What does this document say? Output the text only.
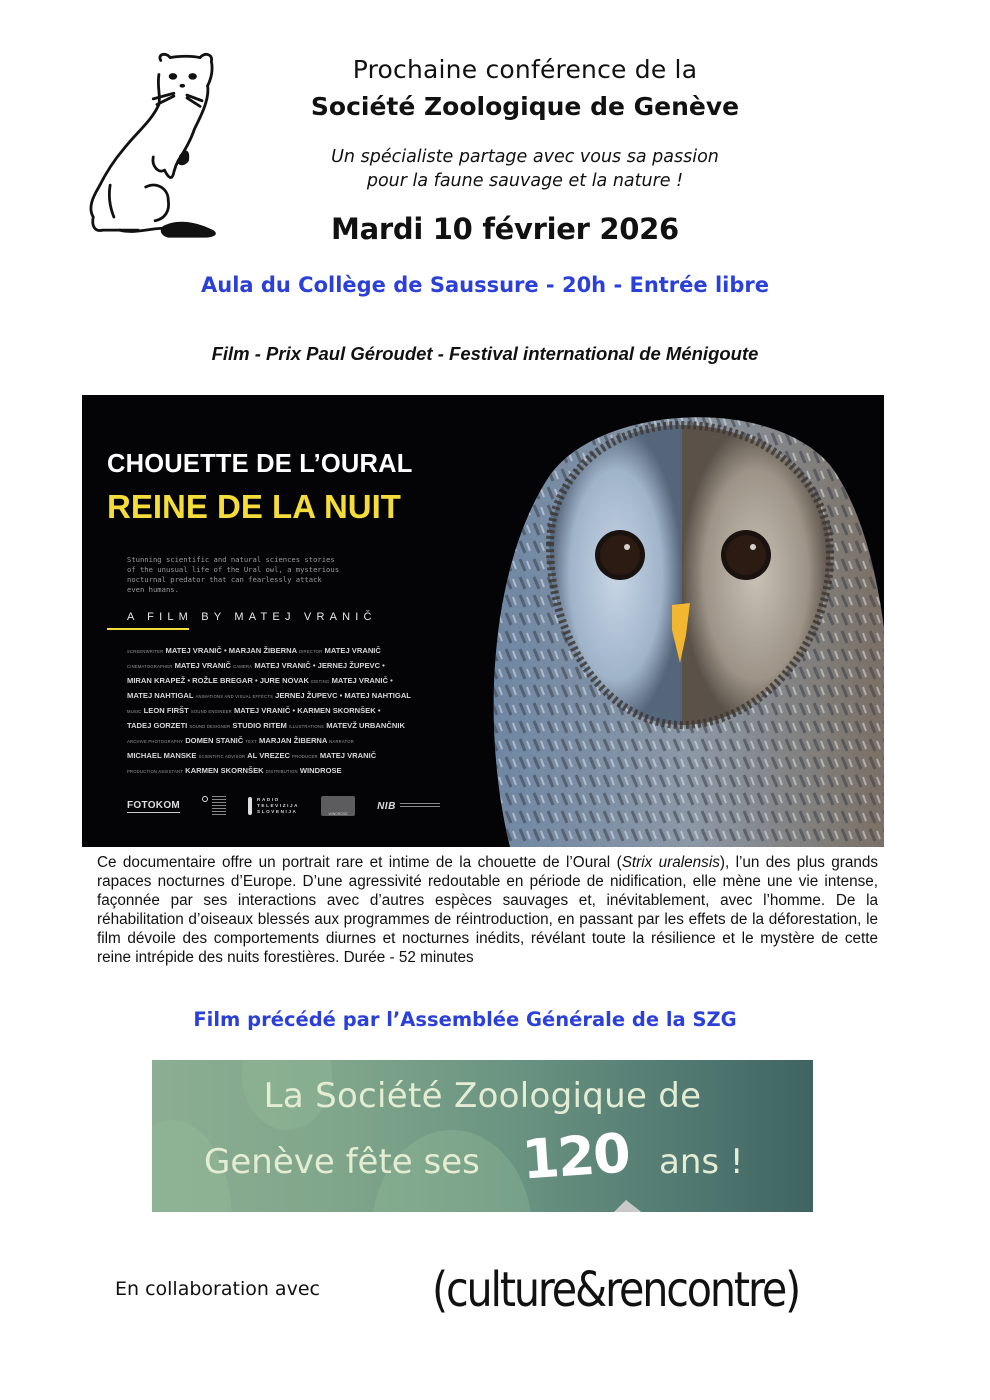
Prochaine conférence de la
Société Zoologique de Genève
Un spécialiste partage avec vous sa passion
pour la faune sauvage et la nature !
Mardi 10 février 2026
Aula du Collège de Saussure - 20h - Entrée libre
Film - Prix Paul Géroudet - Festival international de Ménigoute
CHOUETTE DE L’OURAL
REINE DE LA NUIT
Stunning scientific and natural sciences stories
of the unusual life of the Ural owl, a mysterious
nocturnal predator that can fearlessly attack
even humans.
A FILM BY MATEJ VRANIČ
SCREENWRITER MATEJ VRANIČ • MARJAN ŽIBERNA DIRECTOR MATEJ VRANIČ
CINEMATOGRAPHER MATEJ VRANIČ CAMERA MATEJ VRANIČ • JERNEJ ŽUPEVC •
MIRAN KRAPEŽ • ROŽLE BREGAR • JURE NOVAK EDITING MATEJ VRANIČ •
MATEJ NAHTIGAL ANIMATIONS AND VISUAL EFFECTS JERNEJ ŽUPEVC • MATEJ NAHTIGAL
MUSIC LEON FIRŠT SOUND ENGINEER MATEJ VRANIČ • KARMEN SKORNŠEK •
TADEJ GORZETI SOUND DESIGNER STUDIO RITEM ILLUSTRATIONS MATEVŽ URBANČNIK
ARCHIVE PHOTOGRAPHY DOMEN STANIČ TEXT MARJAN ŽIBERNA NARRATOR
MICHAEL MANSKE SCIENTIFIC ADVISOR AL VREZEC PRODUCER MATEJ VRANIČ
PRODUCTION ASSISTANT KARMEN SKORNŠEK DISTRIBUTION WINDROSE
FOTOKOM	RADIO
TELEVIZIJA
SLOVENIJA	WINDROSE
NIB
Ce documentaire offre un portrait rare et intime de la chouette de l’Oural (Strix uralensis), l’un des plus grands rapaces nocturnes d’Europe. D’une agressivité redoutable en période de nidification, elle mène une vie intense, façonnée par ses interactions avec d’autres espèces sauvages et, inévitablement, avec l’homme. De la réhabilitation d’oiseaux blessés aux programmes de réintroduction, en passant par les effets de la déforestation, le film dévoile des comportements diurnes et nocturnes inédits, révélant toute la résilience et le mystère de cette reine intrépide des nuits forestières. Durée - 52 minutes
Film précédé par l’Assemblée Générale de la SZG
La Société Zoologique de
Genève fête ses 120 ans !
En collaboration avec (culture&rencontre)
